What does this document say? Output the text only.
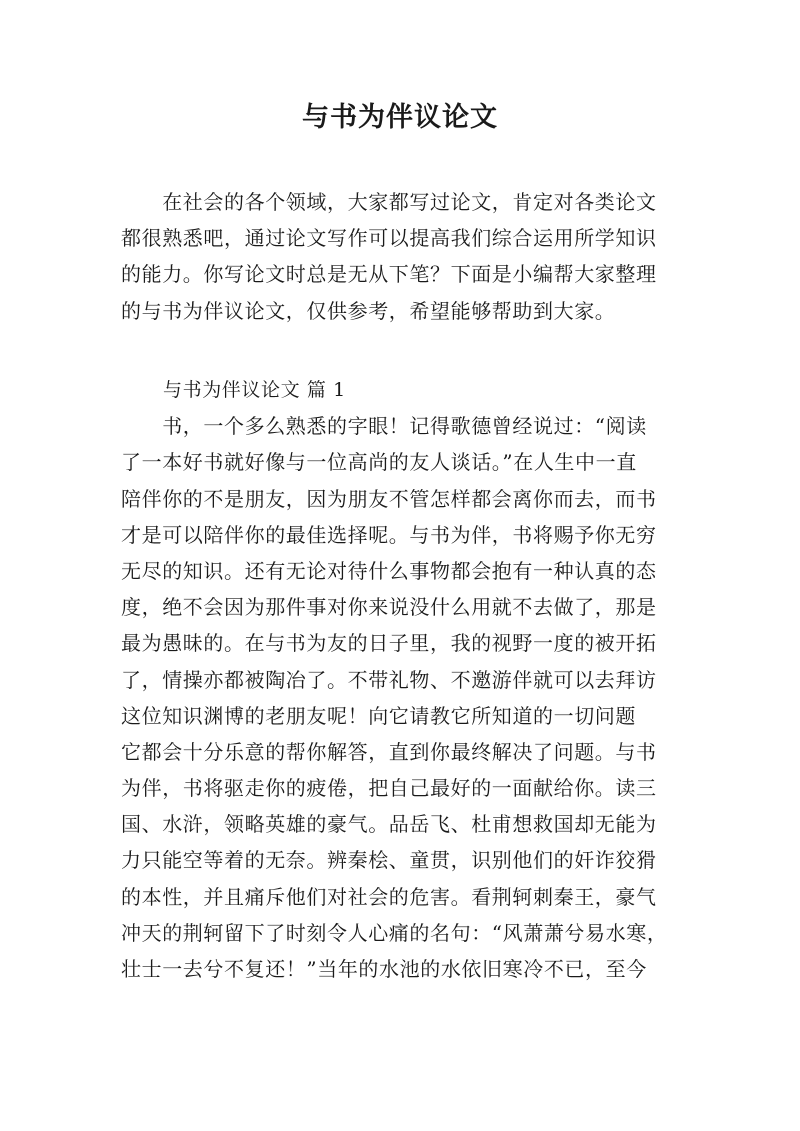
与书为伴议论文
　　在社会的各个领域，大家都写过论文，肯定对各类论文
都很熟悉吧，通过论文写作可以提高我们综合运用所学知识
的能力。你写论文时总是无从下笔？下面是小编帮大家整理
的与书为伴议论文，仅供参考，希望能够帮助到大家。
与书为伴议论文 篇 1
　　书，一个多么熟悉的字眼！记得歌德曾经说过：“阅读
了一本好书就好像与一位高尚的友人谈话。”在人生中一直
陪伴你的不是朋友，因为朋友不管怎样都会离你而去，而书
才是可以陪伴你的最佳选择呢。与书为伴，书将赐予你无穷
无尽的知识。还有无论对待什么事物都会抱有一种认真的态
度，绝不会因为那件事对你来说没什么用就不去做了，那是
最为愚昧的。在与书为友的日子里，我的视野一度的被开拓
了，情操亦都被陶冶了。不带礼物、不邀游伴就可以去拜访
这位知识渊博的老朋友呢！向它请教它所知道的一切问题
它都会十分乐意的帮你解答，直到你最终解决了问题。与书
为伴，书将驱走你的疲倦，把自己最好的一面献给你。读三
国、水浒，领略英雄的豪气。品岳飞、杜甫想救国却无能为
力只能空等着的无奈。辨秦桧、童贯，识别他们的奸诈狡猾
的本性，并且痛斥他们对社会的危害。看荆轲刺秦王，豪气
冲天的荆轲留下了时刻令人心痛的名句：“风萧萧兮易水寒，
壮士一去兮不复还！”当年的水池的水依旧寒冷不已，至今
